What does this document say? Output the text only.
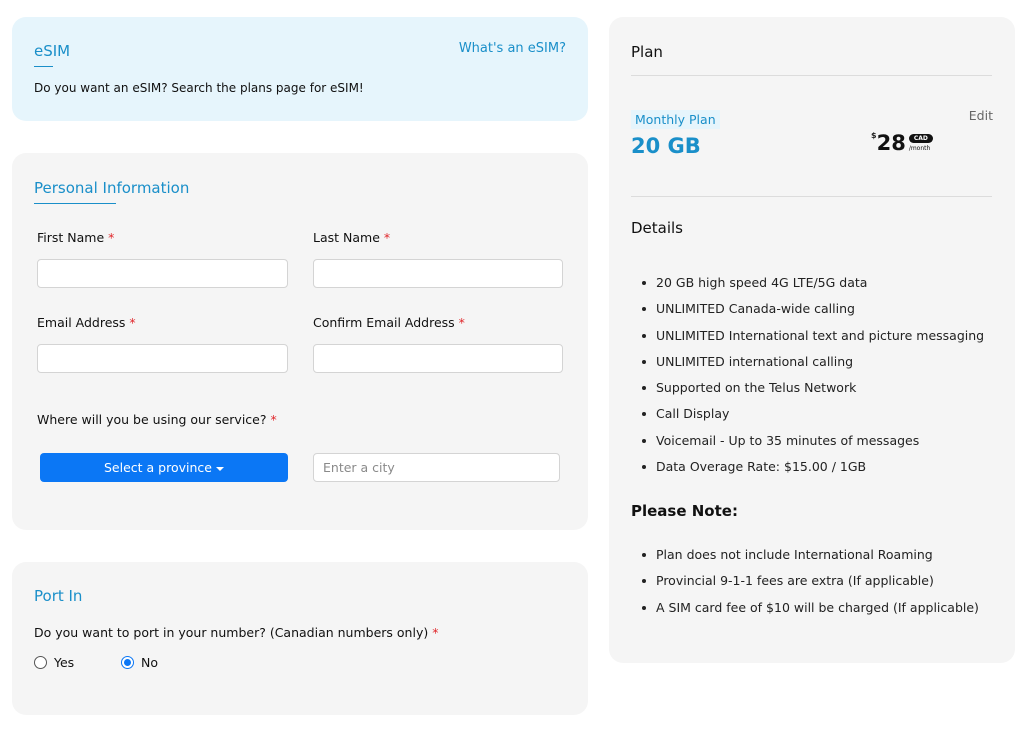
eSIM	What's an eSIM?

Do you want an eSIM? Search the plans page for eSIM!

Personal Information
First Name *	Last Name *
Email Address *	Confirm Email Address *
Where will you be using our service? *
Select a province
Enter a city
Port In

Do you want to port in your number? (Canadian numbers only) *

Yes	No
Plan
Monthly Plan	Edit
20 GB	$ 28	CAD
/month
Details
20 GB high speed 4G LTE/5G data
UNLIMITED Canada-wide calling
UNLIMITED International text and picture messaging
UNLIMITED international calling
Supported on the Telus Network
Call Display
Voicemail - Up to 35 minutes of messages
Data Overage Rate: $15.00 / 1GB
Please Note:
Plan does not include International Roaming
Provincial 9-1-1 fees are extra (If applicable)
A SIM card fee of $10 will be charged (If applicable)
